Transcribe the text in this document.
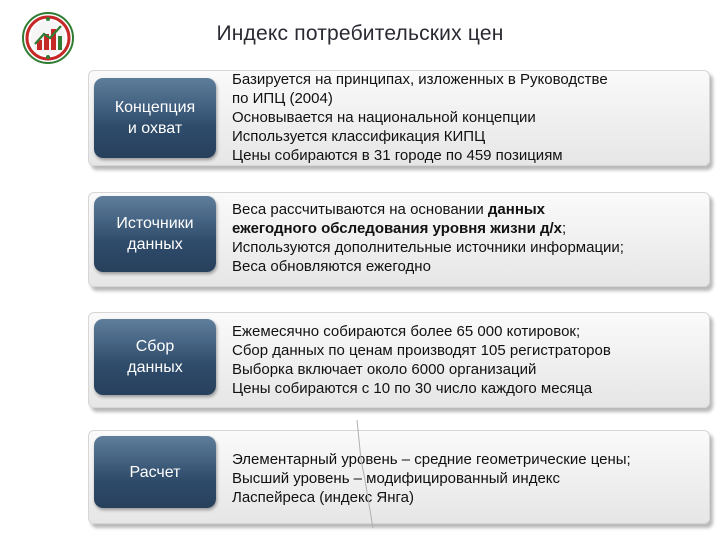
Индекс потребительских цен
Концепция
и охват

Базируется на принципах, изложенных в Руководстве

по ИПЦ (2004)

Основывается на национальной концепции

Используется классификация КИПЦ

Цены собираются в 31 городе по 459 позициям

Источники
данных

Веса рассчитываются на основании данных

ежегодного обследования уровня жизни д/х;

Используются дополнительные источники информации;

Веса обновляются ежегодно

Сбор
данных

Ежемесячно собираются более 65 000 котировок;

Сбор данных по ценам производят 105 регистраторов

Выборка включает около 6000 организаций

Цены собираются с 10 по 30 число каждого месяца

Расчет

Элементарный уровень – средние геометрические цены;

Высший уровень – модифицированный индекс

Ласпейреса (индекс Янга)
